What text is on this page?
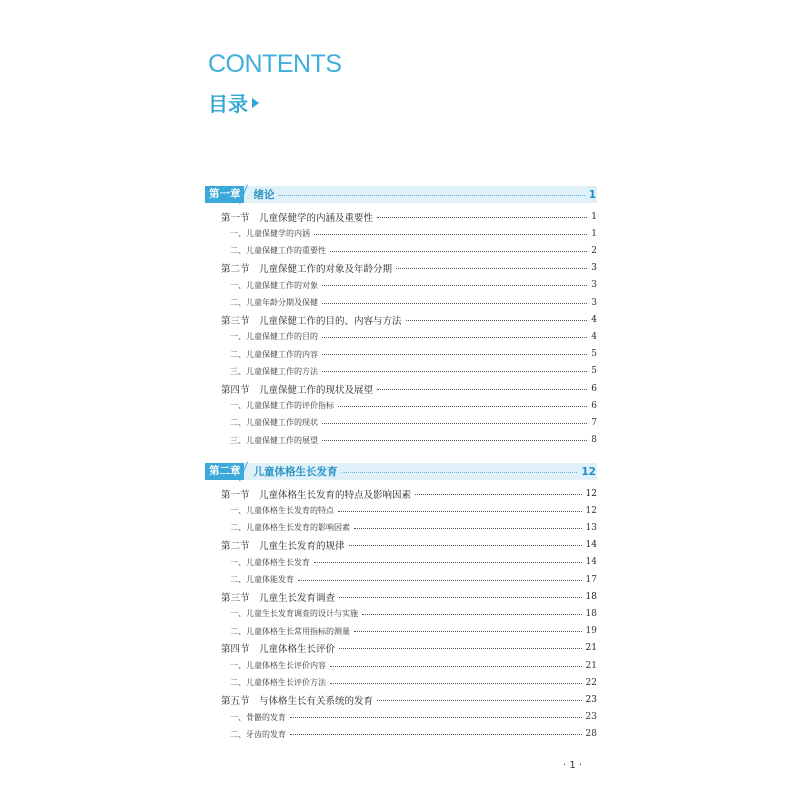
CONTENTS
目录
第一章 绪论	1
第一节　儿童保健学的内涵及重要性	1
一、儿童保健学的内涵	1
二、儿童保健工作的重要性	2
第二节　儿童保健工作的对象及年龄分期	3
一、儿童保健工作的对象	3
二、儿童年龄分期及保健	3
第三节　儿童保健工作的目的、内容与方法	4
一、儿童保健工作的目的	4
二、儿童保健工作的内容	5
三、儿童保健工作的方法	5
第四节　儿童保健工作的现状及展望	6
一、儿童保健工作的评价指标	6
二、儿童保健工作的现状	7
三、儿童保健工作的展望	8
第二章 儿童体格生长发育	12
第一节　儿童体格生长发育的特点及影响因素	12
一、儿童体格生长发育的特点	12
二、儿童体格生长发育的影响因素	13
第二节　儿童生长发育的规律	14
一、儿童体格生长发育	14
二、儿童体能发育	17
第三节　儿童生长发育调查	18
一、儿童生长发育调查的设计与实施	18
二、儿童体格生长常用指标的测量	19
第四节　儿童体格生长评价	21
一、儿童体格生长评价内容	21
二、儿童体格生长评价方法	22
第五节　与体格生长有关系统的发育	23
一、骨骼的发育	23
二、牙齿的发育	28
· 1 ·
